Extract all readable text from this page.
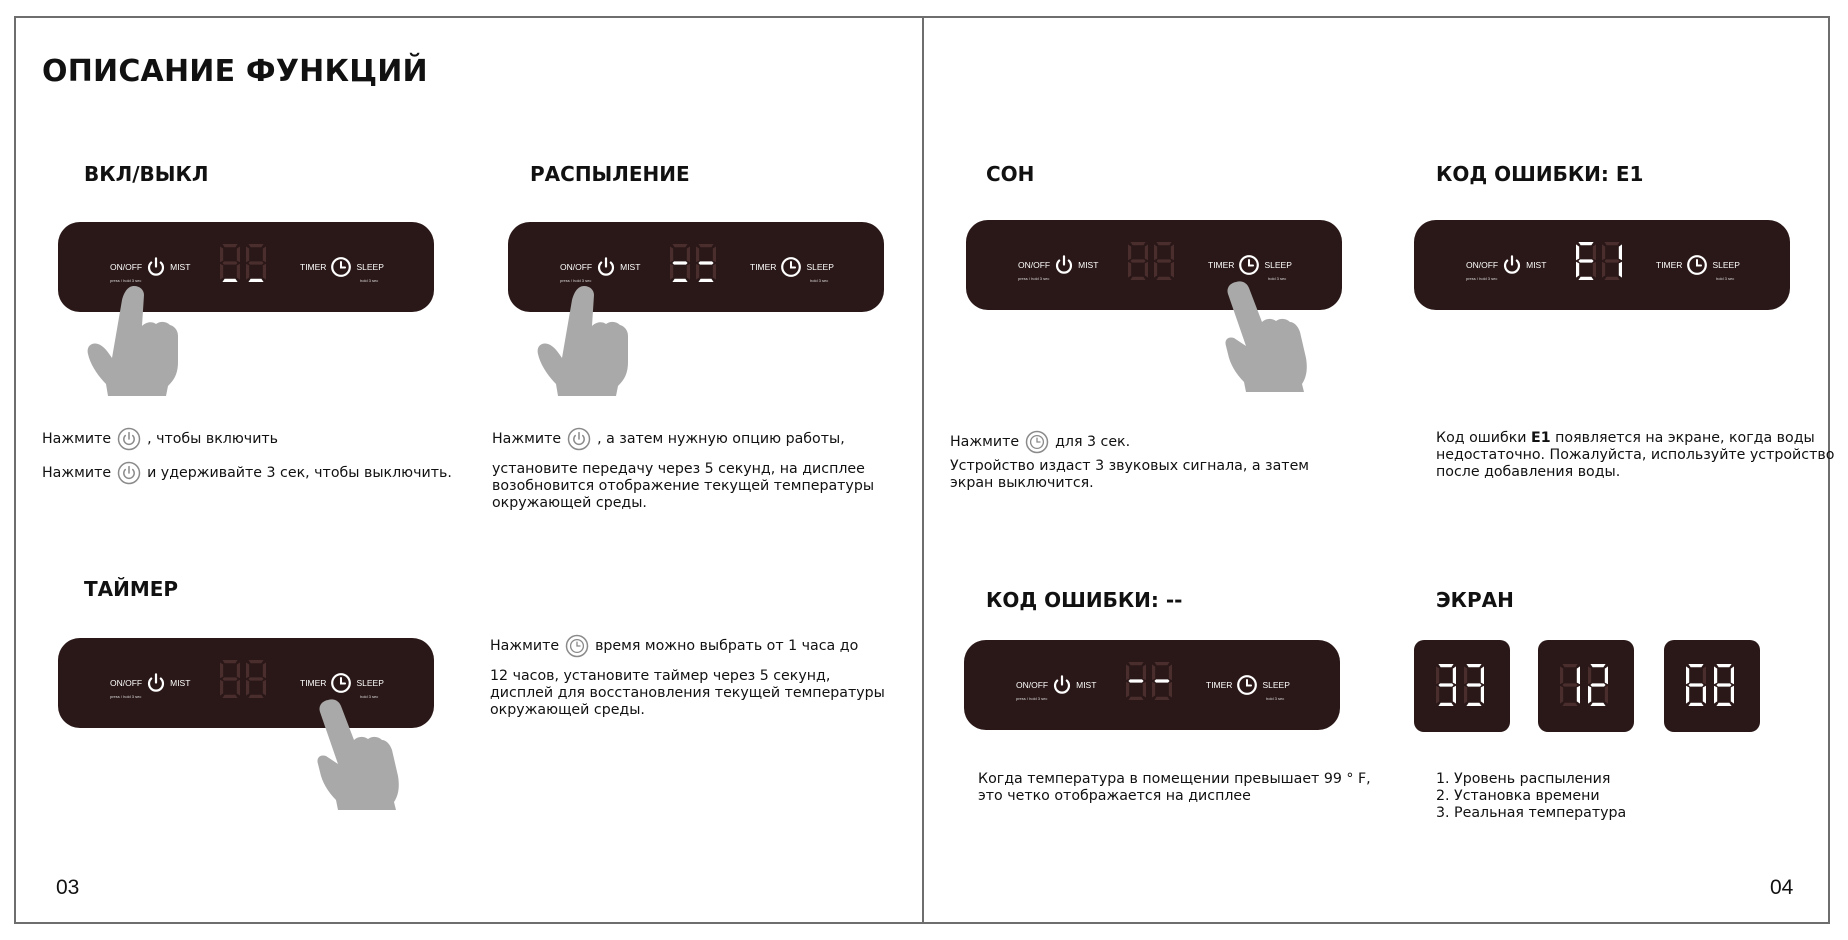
ОПИСАНИЕ ФУНКЦИЙ
ВКЛ/ВЫКЛ
ON/OFF	MIST
press / hold 3 sec
TIMER	SLEEP
hold 3 sec
Нажмите	, чтобы включить
Нажмите	и удерживайте 3 сек, чтобы выключить.
РАСПЫЛЕНИЕ
ON/OFF	MIST
press / hold 3 sec
TIMER	SLEEP
hold 3 sec
Нажмите	, а затем нужную опцию работы,
установите передачу через 5 секунд, на дисплее
возобновится отображение текущей температуры
окружающей среды.
ТАЙМЕР
ON/OFF	MIST
press / hold 3 sec
TIMER	SLEEP
hold 3 sec
Нажмите	время можно выбрать от 1 часа до
12 часов, установите таймер через 5 секунд,
дисплей для восстановления текущей температуры
окружающей среды.
03
СОН
ON/OFF	MIST
press / hold 3 sec
TIMER	SLEEP
hold 3 sec
Нажмите	для 3 сек.
Устройство издаст 3 звуковых сигнала, а затем
экран выключится.
КОД ОШИБКИ: Е1
ON/OFF	MIST
press / hold 3 sec
TIMER	SLEEP
hold 3 sec
Код ошибки E1 появляется на экране, когда воды
недостаточно. Пожалуйста, используйте устройство
после добавления воды.
КОД ОШИБКИ: --
ON/OFF	MIST
press / hold 3 sec
TIMER	SLEEP
hold 3 sec
Когда температура в помещении превышает 99 ° F,
это четко отображается на дисплее
ЭКРАН
1. Уровень распыления
2. Установка времени
3. Реальная температура
04
